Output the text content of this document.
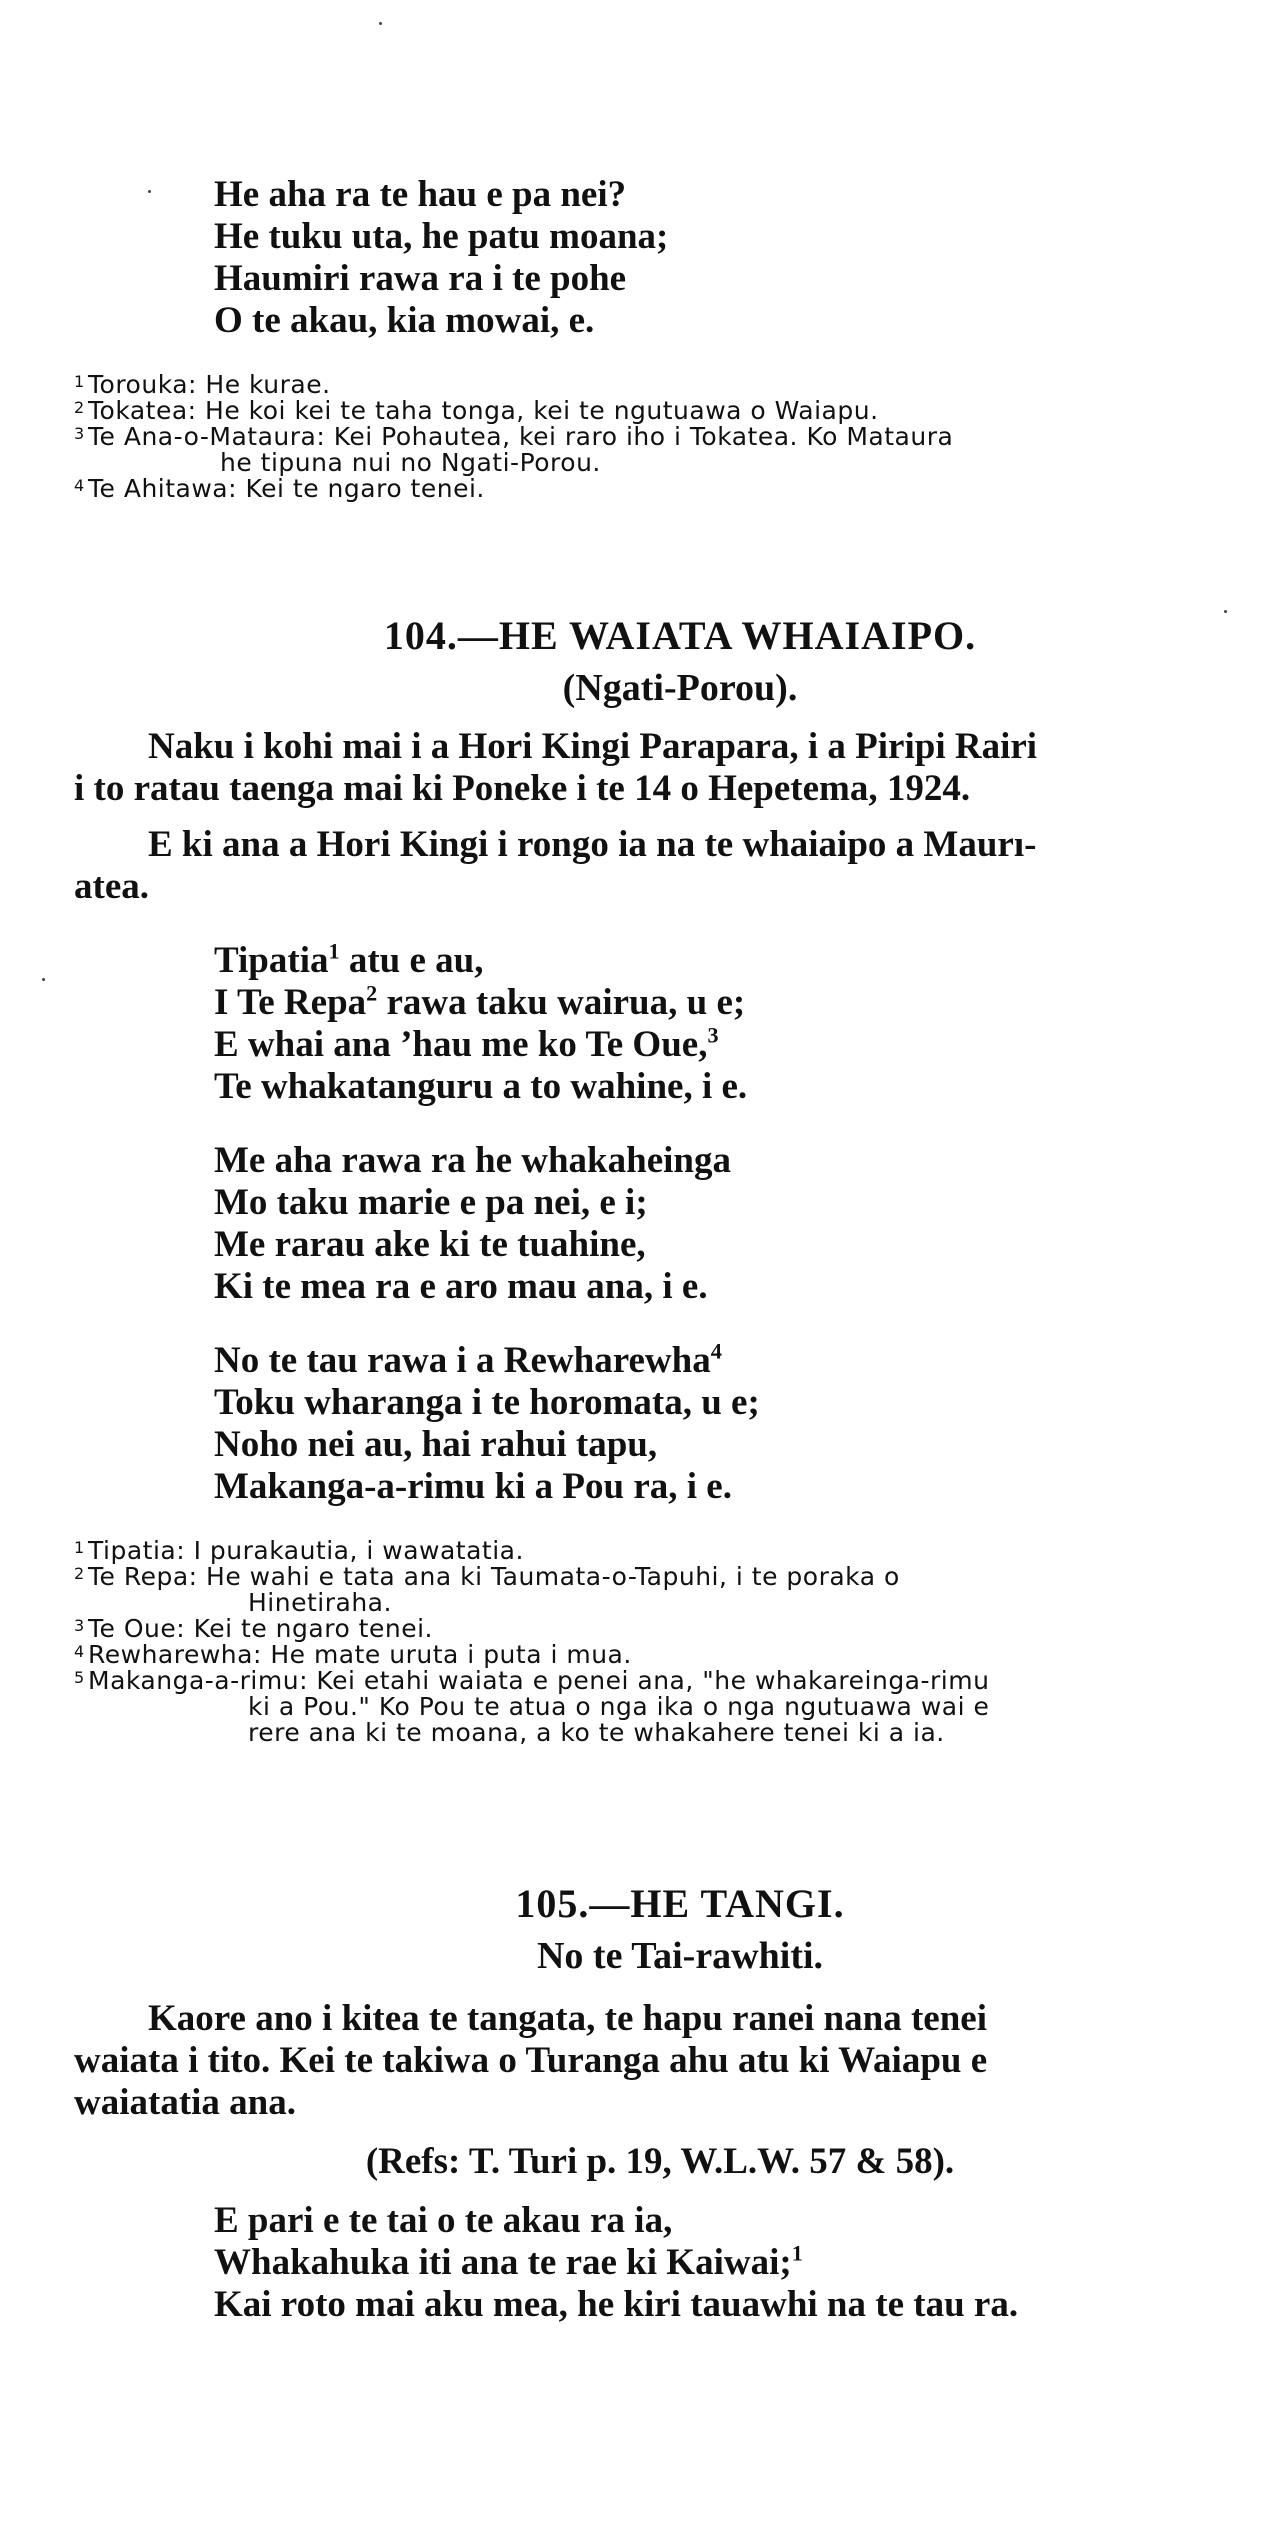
He aha ra te hau e pa nei?
He tuku uta, he patu moana;
Haumiri rawa ra i te pohe
O te akau, kia mowai, e.
1 Torouka: He kurae.
2 Tokatea: He koi kei te taha tonga, kei te ngutuawa o Waiapu.
3 Te Ana-o-Mataura: Kei Pohautea, kei raro iho i Tokatea. Ko Mataura
he tipuna nui no Ngati-Porou.
4 Te Ahitawa: Kei te ngaro tenei.
104.—HE WAIATA WHAIAIPO.
(Ngati-Porou).
Naku i kohi mai i a Hori Kingi Parapara, i a Piripi Rairi
i to ratau taenga mai ki Poneke i te 14 o Hepetema, 1924.
E ki ana a Hori Kingi i rongo ia na te whaiaipo a Maurı-
atea.
Tipatia$^1$ atu e au,
I Te Repa$^2$ rawa taku wairua, u e;
E whai ana ’hau me ko Te Oue,$^3$
Te whakatanguru a to wahine, i e.
Me aha rawa ra he whakaheinga
Mo taku marie e pa nei, e i;
Me rarau ake ki te tuahine,
Ki te mea ra e aro mau ana, i e.
No te tau rawa i a Rewharewha$^4$
Toku wharanga i te horomata, u e;
Noho nei au, hai rahui tapu,
Makanga-a-rimu ki a Pou ra, i e.
1 Tipatia: I purakautia, i wawatatia.
2 Te Repa: He wahi e tata ana ki Taumata-o-Tapuhi, i te poraka o
Hinetiraha.
3 Te Oue: Kei te ngaro tenei.
4 Rewharewha: He mate uruta i puta i mua.
5 Makanga-a-rimu: Kei etahi waiata e penei ana, "he whakareinga-rimu
ki a Pou." Ko Pou te atua o nga ika o nga ngutuawa wai e
rere ana ki te moana, a ko te whakahere tenei ki a ia.
105.—HE TANGI.
No te Tai-rawhiti.
Kaore ano i kitea te tangata, te hapu ranei nana tenei
waiata i tito. Kei te takiwa o Turanga ahu atu ki Waiapu e
waiatatia ana.
(Refs: T. Turi p. 19, W.L.W. 57 & 58).
E pari e te tai o te akau ra ia,
Whakahuka iti ana te rae ki Kaiwai;$^1$
Kai roto mai aku mea, he kiri tauawhi na te tau ra.
